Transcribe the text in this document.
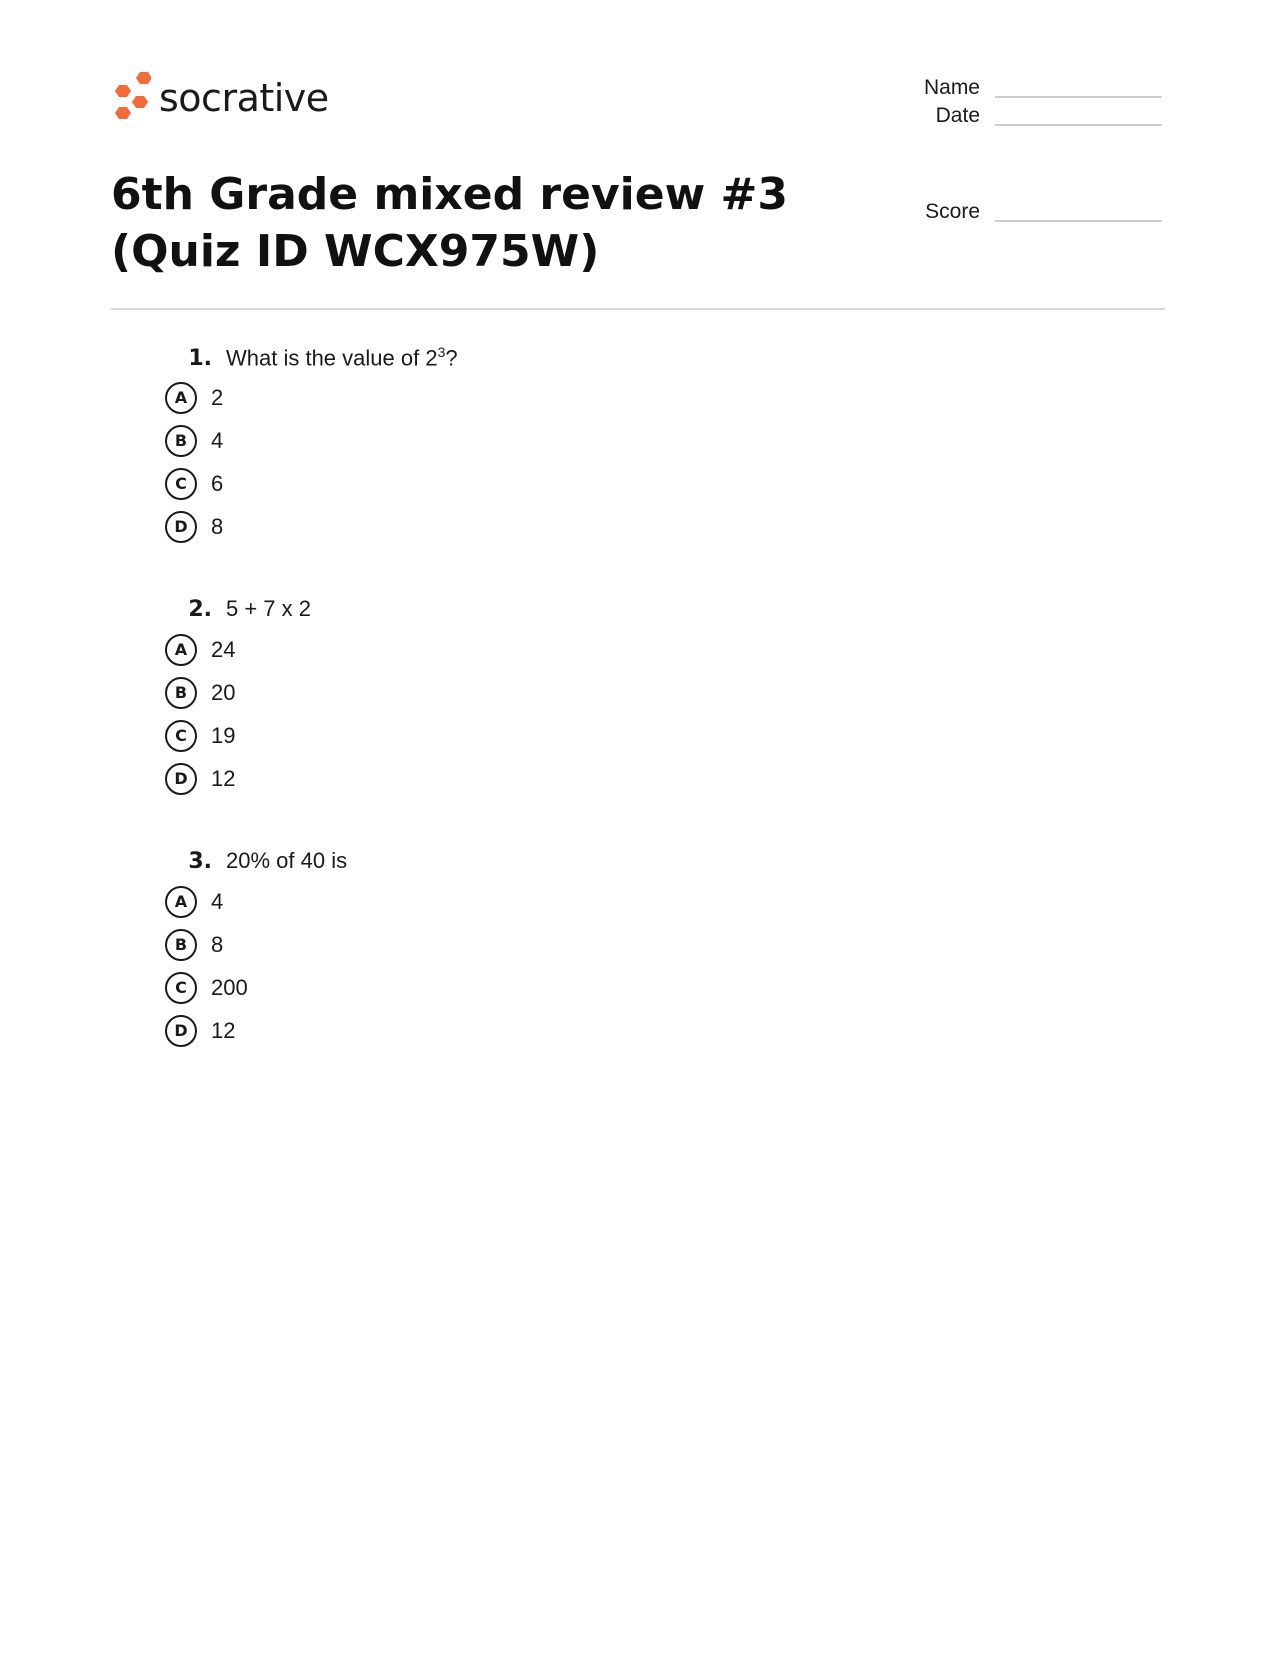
socrative	Name
Date
Score
6th Grade mixed review #3 (Quiz ID WCX975W)
1. What is the value of $2^3$?
A	2
B	4
C	6
D	8
2. 5 + 7 x 2
A	24
B	20
C	19
D	12
3. 20% of 40 is
A	4
B	8
C	200
D	12
